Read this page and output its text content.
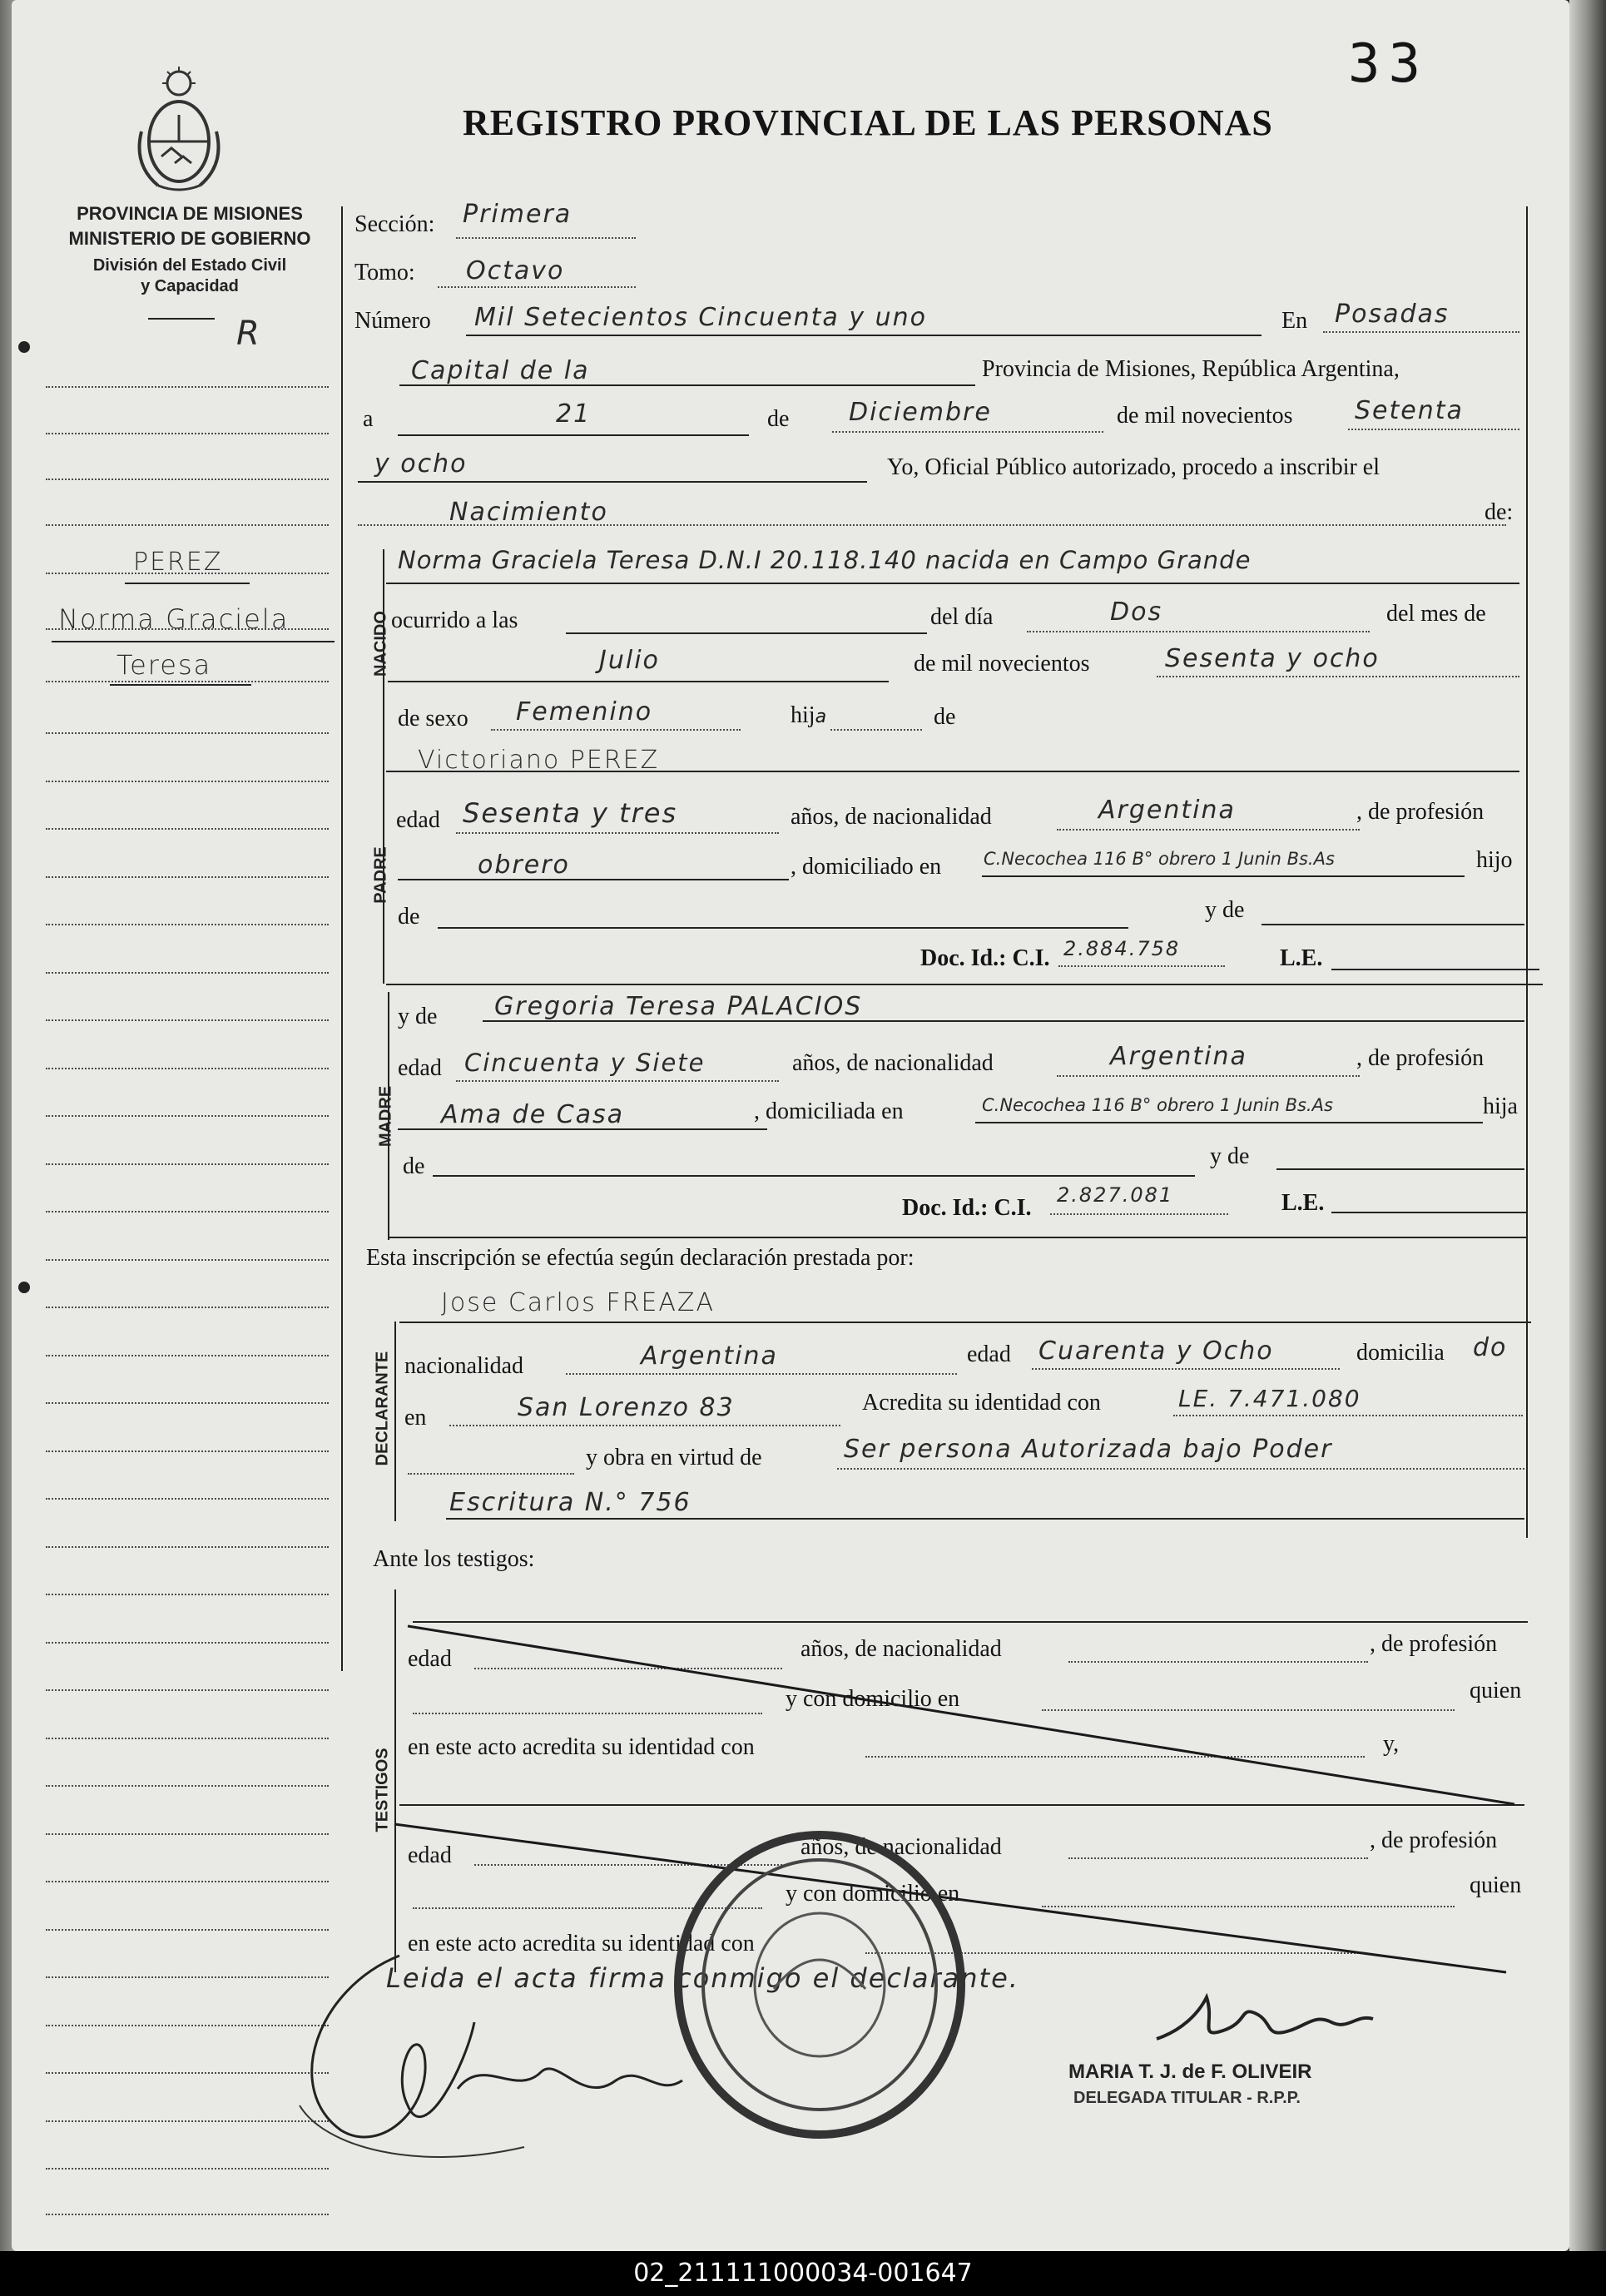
33
REGISTRO PROVINCIAL DE LAS PERSONAS
PROVINCIA DE MISIONES
MINISTERIO DE GOBIERNO
División del Estado Civil
y Capacidad
R
PEREZ
Norma Graciela
Teresa
Sección: Primera
Tomo: Octavo
Número Mil Setecientos Cincuenta y uno	En Posadas
Capital de la	Provincia de Misiones, República Argentina,
a	21	de Diciembre	de mil novecientos Setenta
y ocho	Yo, Oficial Público autorizado, procedo a inscribir el
Nacimiento	de:
NACIDO
Norma Graciela Teresa D.N.I 20.118.140 nacida en Campo Grande
ocurrido a las	del día	Dos	del mes de
Julio	de mil novecientos	Sesenta y ocho
de sexo Femenino	hija	de
Victoriano PEREZ
PADRE
edad Sesenta y tres	años, de nacionalidad	Argentina	, de profesión
obrero	, domiciliado en C.Necochea 116 B° obrero 1 Junin Bs.As	hijo
de	y de
Doc. Id.: C.I. 2.884.758	L.E.
MADRE
y de Gregoria Teresa PALACIOS
edad Cincuenta y Siete	años, de nacionalidad	Argentina	, de profesión
Ama de Casa	, domiciliada en	C.Necochea 116 B° obrero 1 Junin Bs.As	hija
de	y de
Doc. Id.: C.I. 2.827.081	L.E.
Esta inscripción se efectúa según declaración prestada por:
Jose Carlos FREAZA
DECLARANTE nacionalidad	Argentina	edad Cuarenta y Ocho	domicilia do
en	San Lorenzo 83	Acredita su identidad con	LE. 7.471.080
y obra en virtud de	Ser persona Autorizada bajo Poder
Escritura N.° 756
Ante los testigos:
TESTIGOS
edad	años, de nacionalidad	, de profesión
y con domicilio en	quien
en este acto acredita su identidad con	y,
edad	años, de nacionalidad	, de profesión
y con domicilio en	quien
en este acto acredita su identidad con
Leida el acta firma conmigo el declarante.
MARIA T. J. de F. OLIVEIR
DELEGADA TITULAR - R.P.P.
02_211111000034-001647
